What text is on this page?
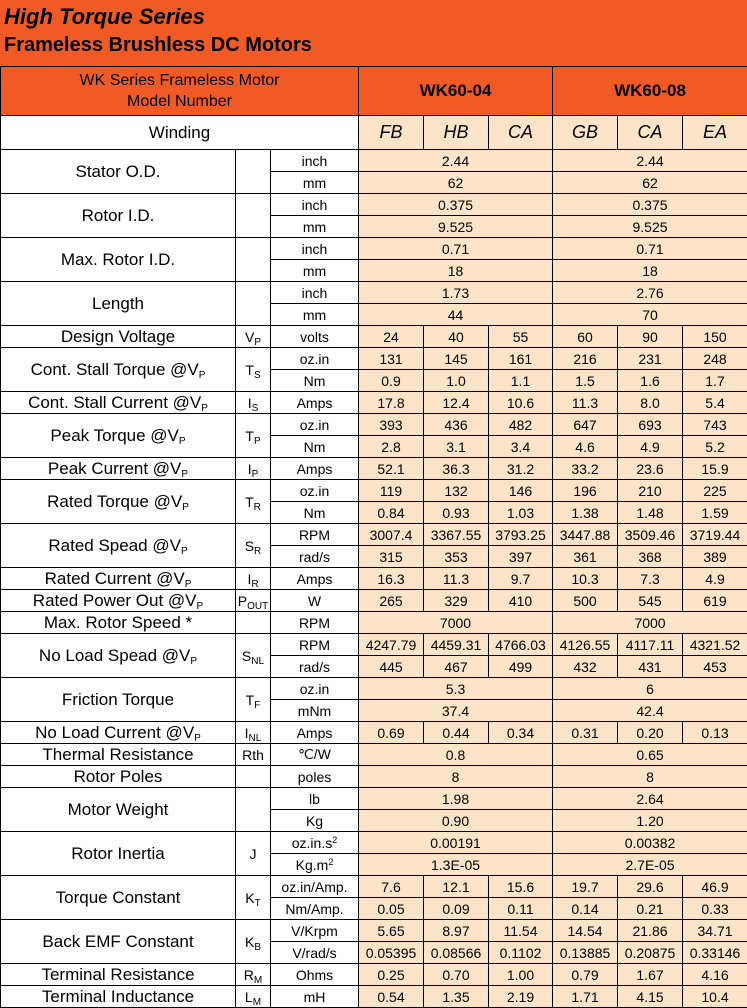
High Torque Series
Frameless Brushless DC Motors
WK Series Frameless Motor
Model Number			WK60-04			WK60-08		
Winding			FB	HB	CA	GB	CA	EA
Stator O.D.		inch	2.44			2.44		
		mm	62			62		
Rotor I.D.		inch	0.375			0.375		
		mm	9.525			9.525		
Max. Rotor I.D.		inch	0.71			0.71		
		mm	18			18		
Length		inch	1.73			2.76		
		mm	44			70		
Design Voltage	$V_P$	volts	24	40	55	60	90	150
Cont. Stall Torque $@V_P$	$T_S$	oz.in	131	145	161	216	231	248
		Nm	0.9	1.0	1.1	1.5	1.6	1.7
Cont. Stall Current $@V_P$	$I_S$	Amps	17.8	12.4	10.6	11.3	8.0	5.4
Peak Torque $@V_P$	$T_P$	oz.in	393	436	482	647	693	743
		Nm	2.8	3.1	3.4	4.6	4.9	5.2
Peak Current $@V_P$	$I_P$	Amps	52.1	36.3	31.2	33.2	23.6	15.9
Rated Torque $@V_P$	$T_R$	oz.in	119	132	146	196	210	225
		Nm	0.84	0.93	1.03	1.38	1.48	1.59
Rated Spead $@V_P$	$S_R$	RPM	3007.4	3367.55	3793.25	3447.88	3509.46	3719.44
		rad/s	315	353	397	361	368	389
Rated Current $@V_P$	$I_R$	Amps	16.3	11.3	9.7	10.3	7.3	4.9
Rated Power Out $@V_P$	$P_{OUT}$	W	265	329	410	500	545	619
Max. Rotor Speed *		RPM	7000			7000		
No Load Spead $@V_P$	$S_{NL}$	RPM	4247.79	4459.31	4766.03	4126.55	4117.11	4321.52
		rad/s	445	467	499	432	431	453
Friction Torque	$T_F$	oz.in	5.3			6		
		mNm	37.4			42.4		
No Load Current $@V_P$	$I_{NL}$	Amps	0.69	0.44	0.34	0.31	0.20	0.13
Thermal Resistance	Rth	℃/W	0.8			0.65		
Rotor Poles		poles	8			8		
Motor Weight		lb	1.98			2.64		
		Kg	0.90			1.20		
Rotor Inertia	J	$oz.in.s^2$	0.00191			0.00382		
		$Kg.m^2$	1.3E-05			2.7E-05		
Torque Constant	$K_T$	oz.in/Amp.	7.6	12.1	15.6	19.7	29.6	46.9
		Nm/Amp.	0.05	0.09	0.11	0.14	0.21	0.33
Back EMF Constant	$K_B$	V/Krpm	5.65	8.97	11.54	14.54	21.86	34.71
		V/rad/s	0.05395	0.08566	0.1102	0.13885	0.20875	0.33146
Terminal Resistance	$R_M$	Ohms	0.25	0.70	1.00	0.79	1.67	4.16
Terminal Inductance	$L_M$	mH	0.54	1.35	2.19	1.71	4.15	10.4
